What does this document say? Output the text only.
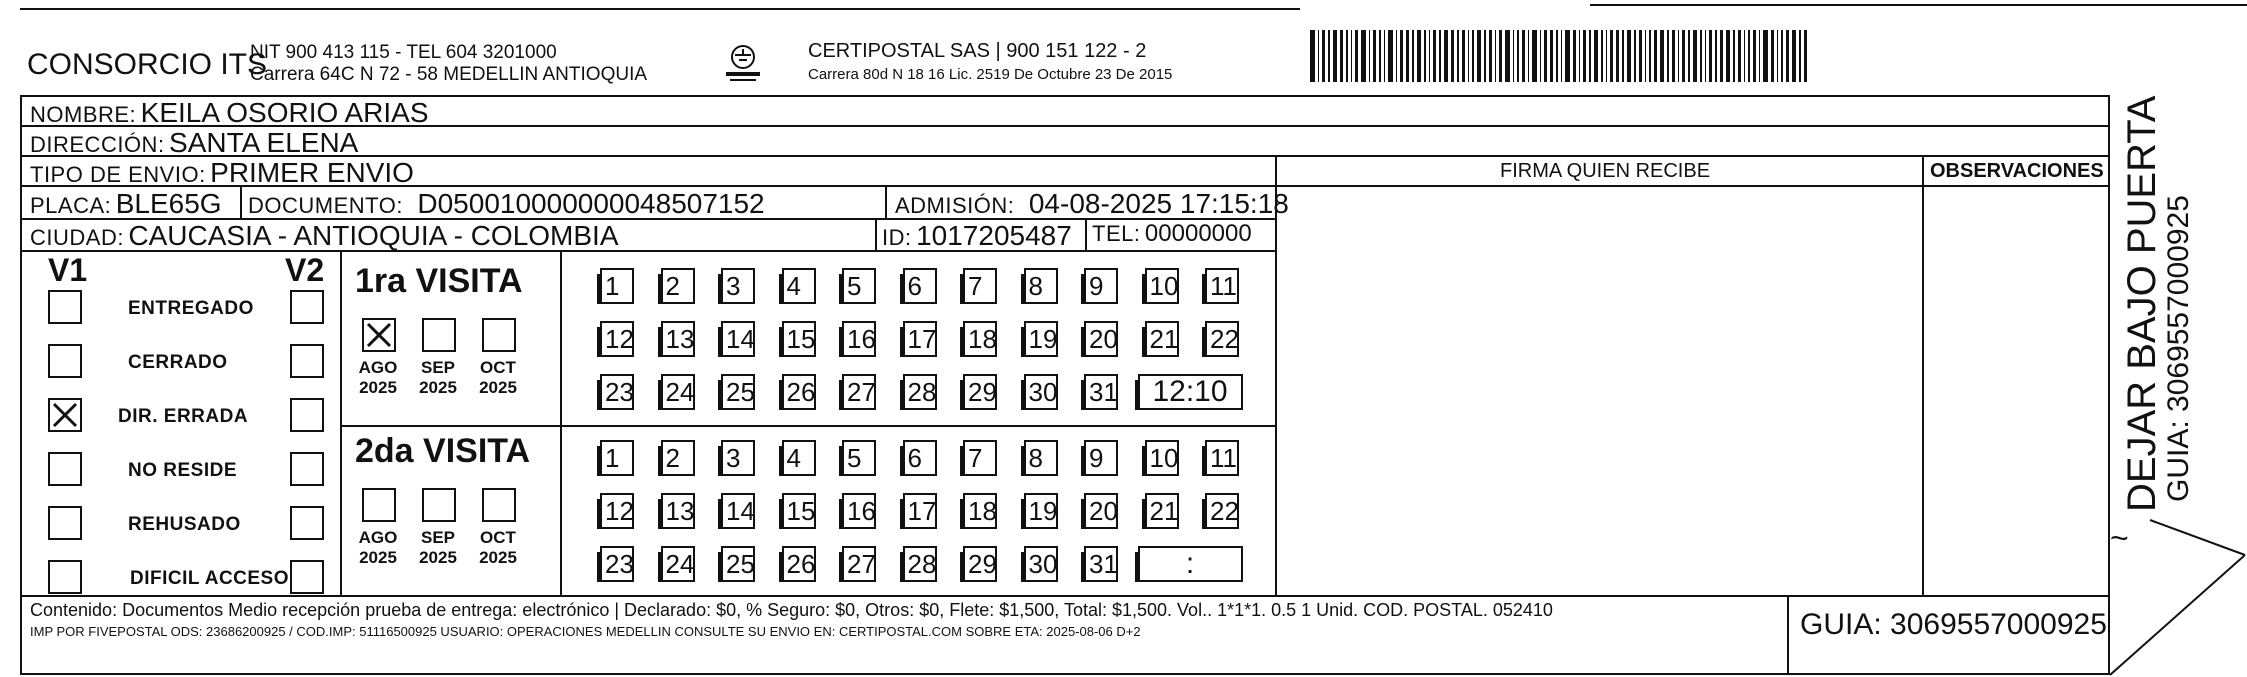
CONSORCIO ITS
NIT 900 413 115 - TEL 604 3201000
Carrera 64C N 72 - 58 MEDELLIN ANTIOQUIA
CERTIPOSTAL SAS | 900 151 122 - 2
Carrera 80d N 18 16 Lic. 2519 De Octubre 23 De 2015
NOMBRE: KEILA OSORIO ARIAS
DIRECCIÓN: SANTA ELENA
TIPO DE ENVIO: PRIMER ENVIO	FIRMA QUIEN RECIBE	OBSERVACIONES
PLACA: BLE65G DOCUMENTO: D050010000000048507152	ADMISIÓN: 04-08-2025 17:15:18
CIUDAD: CAUCASIA - ANTIOQUIA - COLOMBIA	ID: 1017205487 TEL: 00000000
V1	V2
ENTREGADO
CERRADO
DIR. ERRADA
NO RESIDE
REHUSADO
DIFICIL ACCESO
1ra VISITA
AGO
2025
SEP
2025
OCT
2025
1	2	3	4	5	6	7	8	9	10 11
12 13 14 15 16 17 18 19 20 21 22
23 24 25 26 27 28 29 30 31	12:10
2da VISITA
AGO
2025
SEP
2025
OCT
2025
1	2	3	4	5	6	7	8	9	10 11
12 13 14 15 16 17 18 19 20 21 22
23 24 25 26 27 28 29 30 31	:
Contenido: Documentos Medio recepción prueba de entrega: electrónico | Declarado: $0, % Seguro: $0, Otros: $0, Flete: $1,500, Total: $1,500. Vol.. 1*1*1. 0.5 1 Unid. COD. POSTAL. 052410
IMP POR FIVEPOSTAL ODS: 23686200925 / COD.IMP: 51116500925 USUARIO: OPERACIONES MEDELLIN CONSULTE SU ENVIO EN: CERTIPOSTAL.COM SOBRE ETA: 2025-08-06 D+2	GUIA: 3069557000925
DEJAR BAJO PUERTA
GUIA: 3069557000925
~
